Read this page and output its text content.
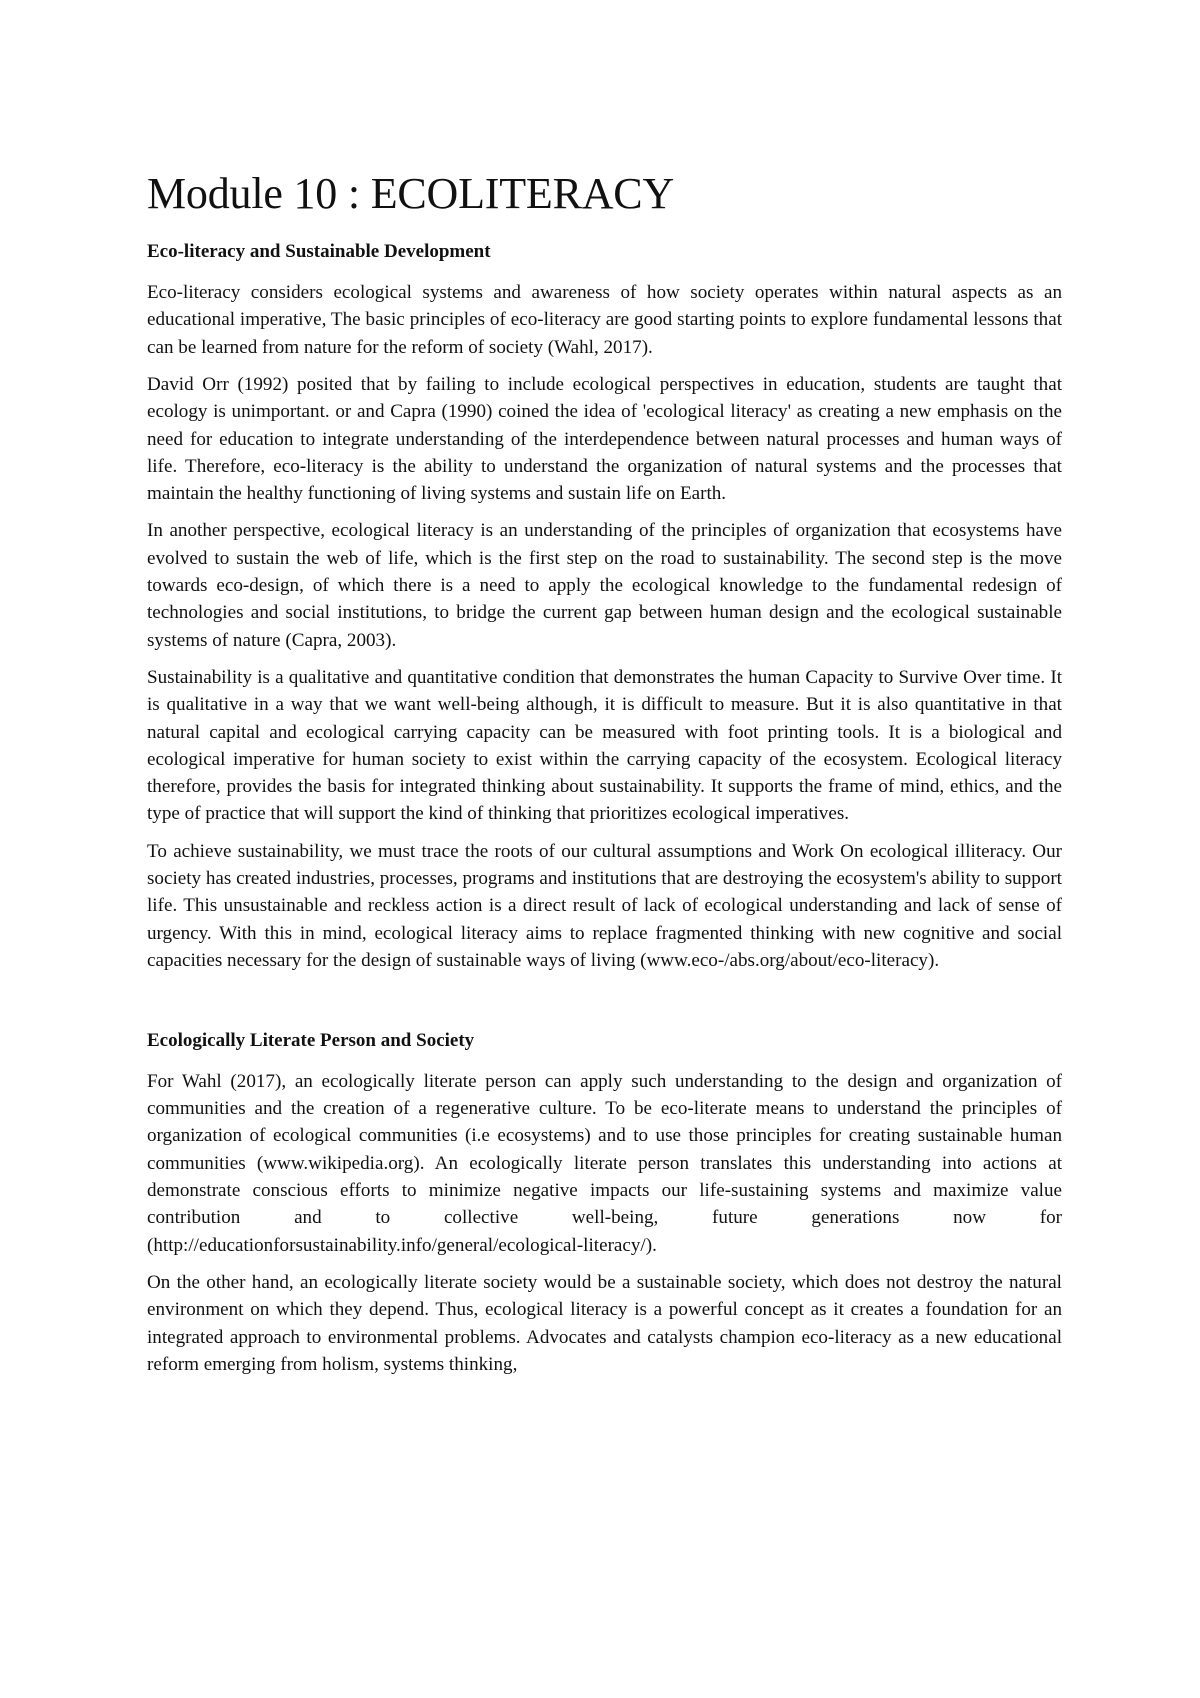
Module 10 : ECOLITERACY
Eco-literacy and Sustainable Development

Eco-literacy considers ecological systems and awareness of how society operates within natural aspects as an educational imperative, The basic principles of eco-literacy are good starting points to explore fundamental lessons that can be learned from nature for the reform of society (Wahl, 2017).

David Orr (1992) posited that by failing to include ecological perspectives in education, students are taught that ecology is unimportant. or and Capra (1990) coined the idea of 'ecological literacy' as creating a new emphasis on the need for education to integrate understanding of the interdependence between natural processes and human ways of life. Therefore, eco-literacy is the ability to understand the organization of natural systems and the processes that maintain the healthy functioning of living systems and sustain life on Earth.

In another perspective, ecological literacy is an understanding of the principles of organization that ecosystems have evolved to sustain the web of life, which is the first step on the road to sustainability. The second step is the move towards eco-design, of which there is a need to apply the ecological knowledge to the fundamental redesign of technologies and social institutions, to bridge the current gap between human design and the ecological sustainable systems of nature (Capra, 2003).

Sustainability is a qualitative and quantitative condition that demonstrates the human Capacity to Survive Over time. It is qualitative in a way that we want well-being although, it is difficult to measure. But it is also quantitative in that natural capital and ecological carrying capacity can be measured with foot printing tools. It is a biological and ecological imperative for human society to exist within the carrying capacity of the ecosystem. Ecological literacy therefore, provides the basis for integrated thinking about sustainability. It supports the frame of mind, ethics, and the type of practice that will support the kind of thinking that prioritizes ecological imperatives.

To achieve sustainability, we must trace the roots of our cultural assumptions and Work On ecological illiteracy. Our society has created industries, processes, programs and institutions that are destroying the ecosystem's ability to support life. This unsustainable and reckless action is a direct result of lack of ecological understanding and lack of sense of urgency. With this in mind, ecological literacy aims to replace fragmented thinking with new cognitive and social capacities necessary for the design of sustainable ways of living (www.eco-/abs.org/about/eco-literacy).

Ecologically Literate Person and Society

For Wahl (2017), an ecologically literate person can apply such understanding to the design and organization of communities and the creation of a regenerative culture. To be eco-literate means to understand the principles of organization of ecological communities (i.e ecosystems) and to use those principles for creating sustainable human communities (www.wikipedia.org). An ecologically literate person translates this understanding into actions at demonstrate conscious efforts to minimize negative impacts our life-sustaining systems and maximize value contribution and to collective well-being, future generations now for (http://educationforsustainability.info/general/ecological-literacy/).

On the other hand, an ecologically literate society would be a sustainable society, which does not destroy the natural environment on which they depend. Thus, ecological literacy is a powerful concept as it creates a foundation for an integrated approach to environmental problems. Advocates and catalysts champion eco-literacy as a new educational reform emerging from holism, systems thinking,
